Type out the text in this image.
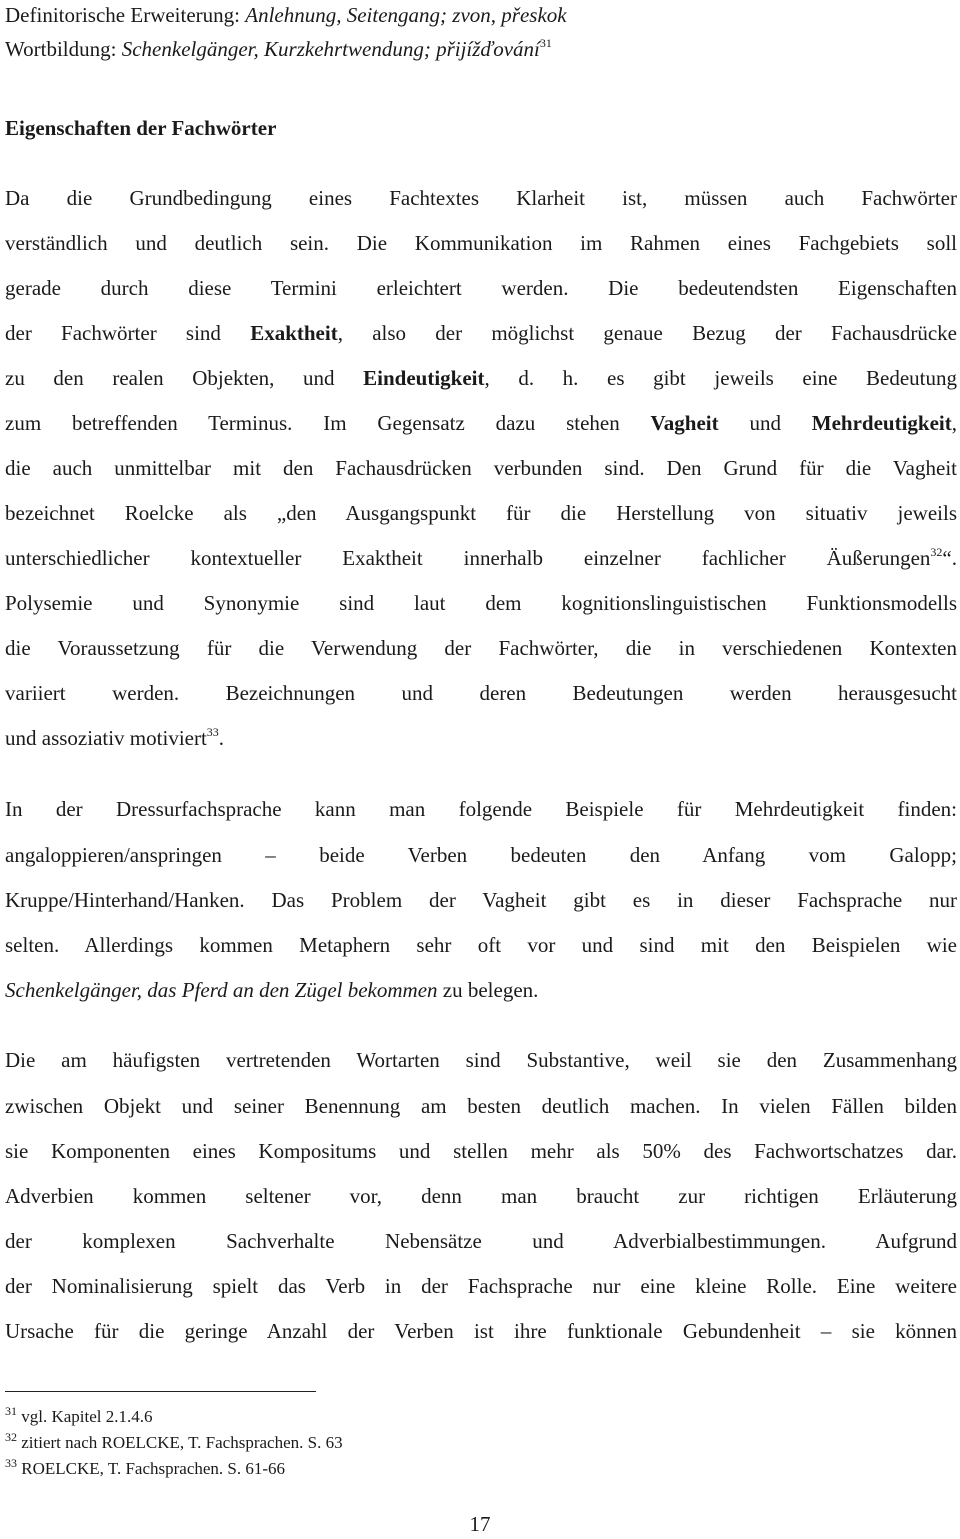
Definitorische Erweiterung: Anlehnung, Seitengang; zvon, přeskok
Wortbildung: Schenkelgänger, Kurzkehrtwendung; přijížďování$^{31}$
Eigenschaften der Fachwörter
Da die Grundbedingung eines Fachtextes Klarheit ist, müssen auch Fachwörter
verständlich und deutlich sein. Die Kommunikation im Rahmen eines Fachgebiets soll
gerade durch diese Termini erleichtert werden. Die bedeutendsten Eigenschaften
der Fachwörter sind Exaktheit, also der möglichst genaue Bezug der Fachausdrücke
zu den realen Objekten, und Eindeutigkeit, d. h. es gibt jeweils eine Bedeutung
zum betreffenden Terminus. Im Gegensatz dazu stehen Vagheit und Mehrdeutigkeit,
die auch unmittelbar mit den Fachausdrücken verbunden sind. Den Grund für die Vagheit
bezeichnet Roelcke als „den Ausgangspunkt für die Herstellung von situativ jeweils
unterschiedlicher kontextueller Exaktheit innerhalb einzelner fachlicher Äußerungen$^{32}$“.
Polysemie und Synonymie sind laut dem kognitionslinguistischen Funktionsmodells
die Voraussetzung für die Verwendung der Fachwörter, die in verschiedenen Kontexten
variiert werden. Bezeichnungen und deren Bedeutungen werden herausgesucht
und assoziativ motiviert$^{33}$.
In der Dressurfachsprache kann man folgende Beispiele für Mehrdeutigkeit finden:
angaloppieren/anspringen – beide Verben bedeuten den Anfang vom Galopp;
Kruppe/Hinterhand/Hanken. Das Problem der Vagheit gibt es in dieser Fachsprache nur
selten. Allerdings kommen Metaphern sehr oft vor und sind mit den Beispielen wie
Schenkelgänger, das Pferd an den Zügel bekommen zu belegen.
Die am häufigsten vertretenden Wortarten sind Substantive, weil sie den Zusammenhang
zwischen Objekt und seiner Benennung am besten deutlich machen. In vielen Fällen bilden
sie Komponenten eines Kompositums und stellen mehr als 50% des Fachwortschatzes dar.
Adverbien kommen seltener vor, denn man braucht zur richtigen Erläuterung
der komplexen Sachverhalte Nebensätze und Adverbialbestimmungen. Aufgrund
der Nominalisierung spielt das Verb in der Fachsprache nur eine kleine Rolle. Eine weitere
Ursache für die geringe Anzahl der Verben ist ihre funktionale Gebundenheit – sie können
$^{31}$ vgl. Kapitel 2.1.4.6
$^{32}$ zitiert nach ROELCKE, T. Fachsprachen. S. 63
$^{33}$ ROELCKE, T. Fachsprachen. S. 61-66
17
